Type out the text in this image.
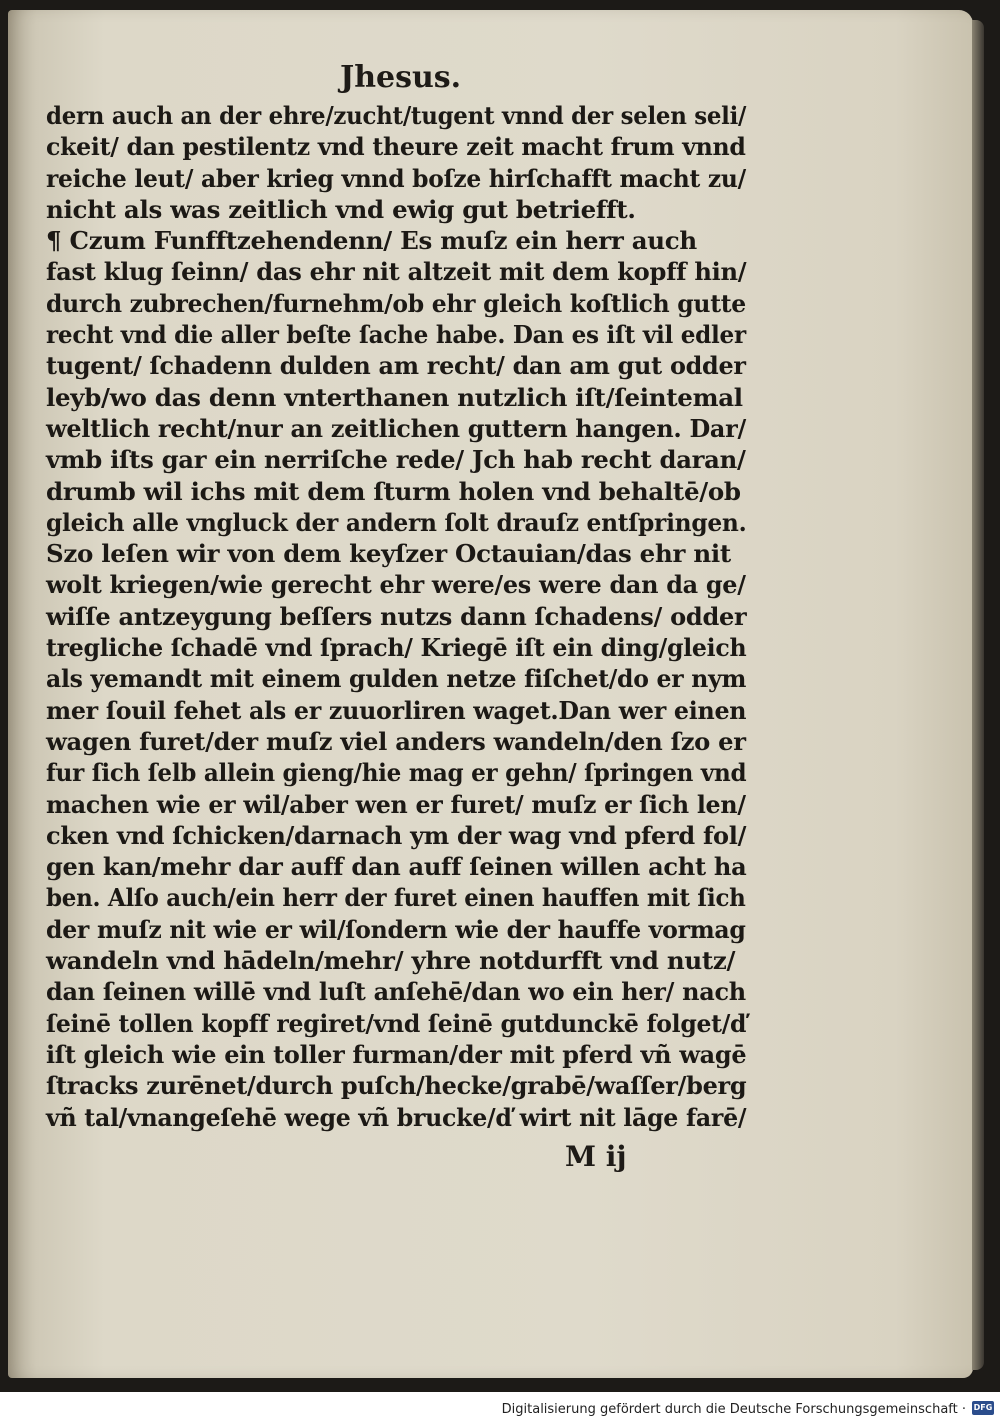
Jhesus.
dern auch an der ehre/zucht/tugent vnnd der selen seli/
ckeit/ dan pestilentz vnd theure zeit macht frum vnnd
reiche leut/ aber krieg vnnd boſze hirſchafft macht zu/
nicht als was zeitlich vnd ewig gut betriefft.
¶ Czum Funfftzehendenn/ Es muſz ein herr auch
fast klug ſeinn/ das ehr nit altzeit mit dem kopff hin/
durch zubrechen/furnehm/ob ehr gleich koſtlich gutte
recht vnd die aller beſte ſache habe. Dan es iſt vil edler
tugent/ ſchadenn dulden am recht/ dan am gut odder
leyb/wo das denn vnterthanen nutzlich iſt/ſeintemal
weltlich recht/nur an zeitlichen guttern hangen. Dar/
vmb iſts gar ein nerriſche rede/ Jch hab recht daran/
drumb wil ichs mit dem ſturm holen vnd behaltē/ob
gleich alle vngluck der andern ſolt drauſz entſpringen.
Szo leſen wir von dem keyſzer Octauian/das ehr nit
wolt kriegen/wie gerecht ehr were/es were dan da ge/
wiſſe antzeygung beſſers nutzs dann ſchadens/ odder
tregliche ſchadē vnd ſprach/ Kriegē iſt ein ding/gleich
als yemandt mit einem gulden netze fiſchet/do er nym
mer ſouil fehet als er zuuorliren waget.Dan wer einen
wagen furet/der muſz viel anders wandeln/den ſzo er
fur ſich ſelb allein gieng/hie mag er gehn/ ſpringen vnd
machen wie er wil/aber wen er furet/ muſz er ſich len/
cken vnd ſchicken/darnach ym der wag vnd pferd fol/
gen kan/mehr dar auff dan auff ſeinen willen acht ha
ben. Alſo auch/ein herr der furet einen hauffen mit ſich
der muſz nit wie er wil/ſondern wie der hauffe vormag
wandeln vnd hādeln/mehr/ yhre notdurfft vnd nutz/
dan ſeinen willē vnd luſt anſehē/dan wo ein her/ nach
ſeinē tollen kopff regiret/vnd ſeinē gutdunckē folget/ď
iſt gleich wie ein toller furman/der mit pferd vñ wagē
ſtracks zurēnet/durch puſch/hecke/grabē/waſſer/berg
vñ tal/vnangeſehē wege vñ brucke/ď wirt nit lāge farē/
M ij
Digitalisierung gefördert durch die Deutsche Forschungsgemeinschaft · DFG
